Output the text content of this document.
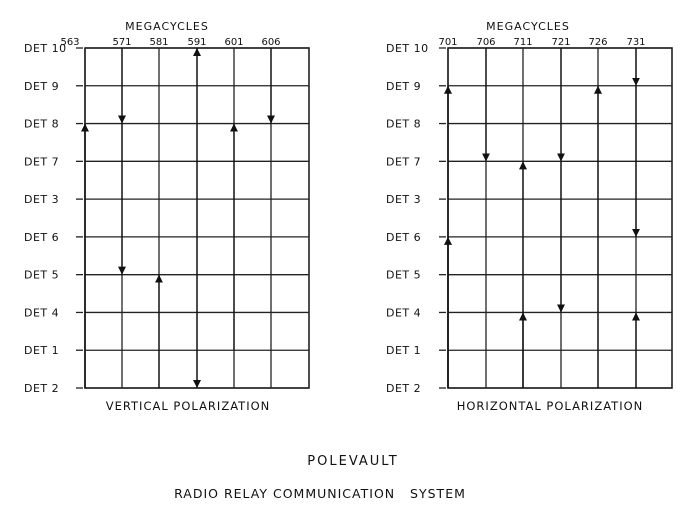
MEGACYCLES
563	571 581 591 601 606
DET 10
DET 9
DET 8
DET 7
DET 3
DET 6
DET 5
DET 4
DET 1
DET 2
VERTICAL POLARIZATION
MEGACYCLES
701 706 711 721 726 731
DET 10
DET 9
DET 8
DET 7
DET 3
DET 6
DET 5
DET 4
DET 1
DET 2
HORIZONTAL POLARIZATION
POLEVAULT
RADIO RELAY COMMUNICATION   SYSTEM
